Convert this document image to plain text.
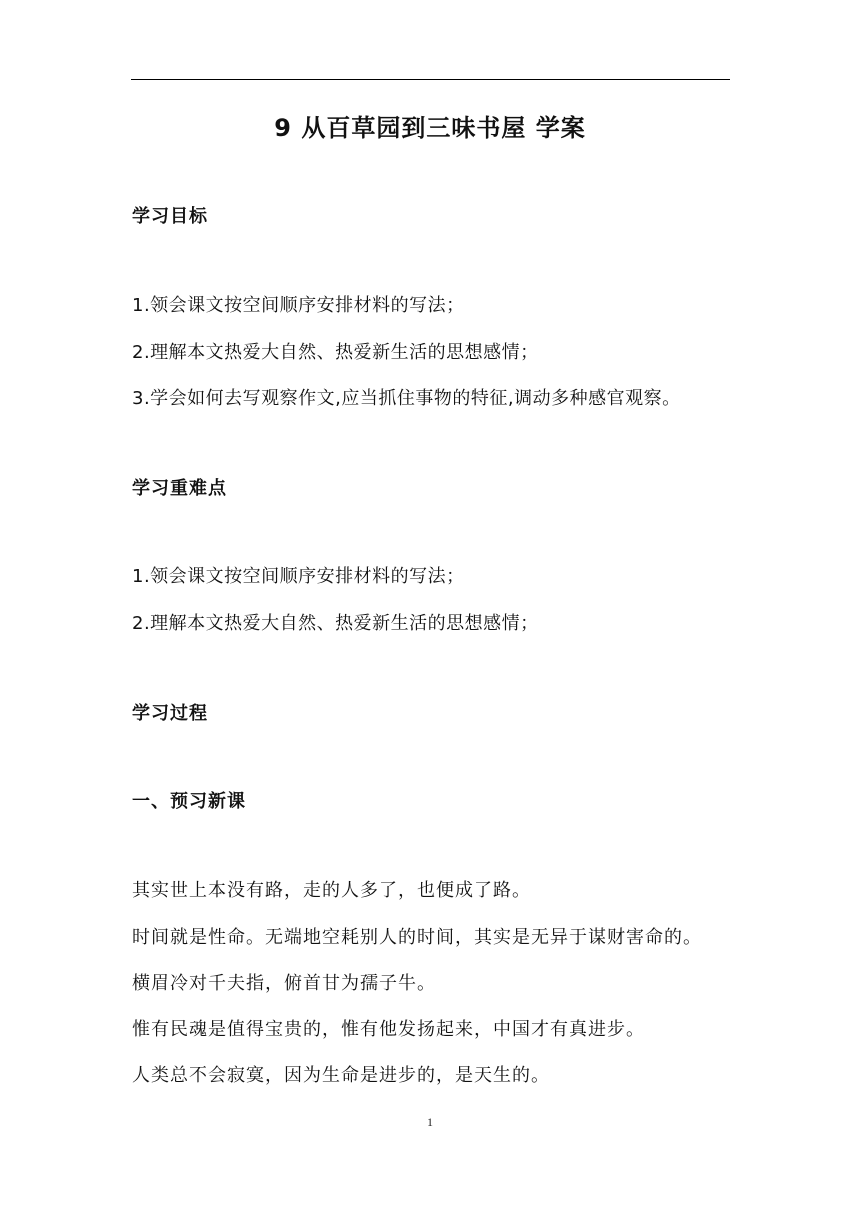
9 从百草园到三味书屋 学案
学习目标
1.领会课文按空间顺序安排材料的写法；
2.理解本文热爱大自然、热爱新生活的思想感情；
3.学会如何去写观察作文,应当抓住事物的特征,调动多种感官观察。
学习重难点
1.领会课文按空间顺序安排材料的写法；
2.理解本文热爱大自然、热爱新生活的思想感情；
学习过程
一、预习新课
其实世上本没有路，走的人多了，也便成了路。
时间就是性命。无端地空耗别人的时间，其实是无异于谋财害命的。
横眉冷对千夫指，俯首甘为孺子牛。
惟有民魂是值得宝贵的，惟有他发扬起来，中国才有真进步。
人类总不会寂寞，因为生命是进步的，是天生的。
1
